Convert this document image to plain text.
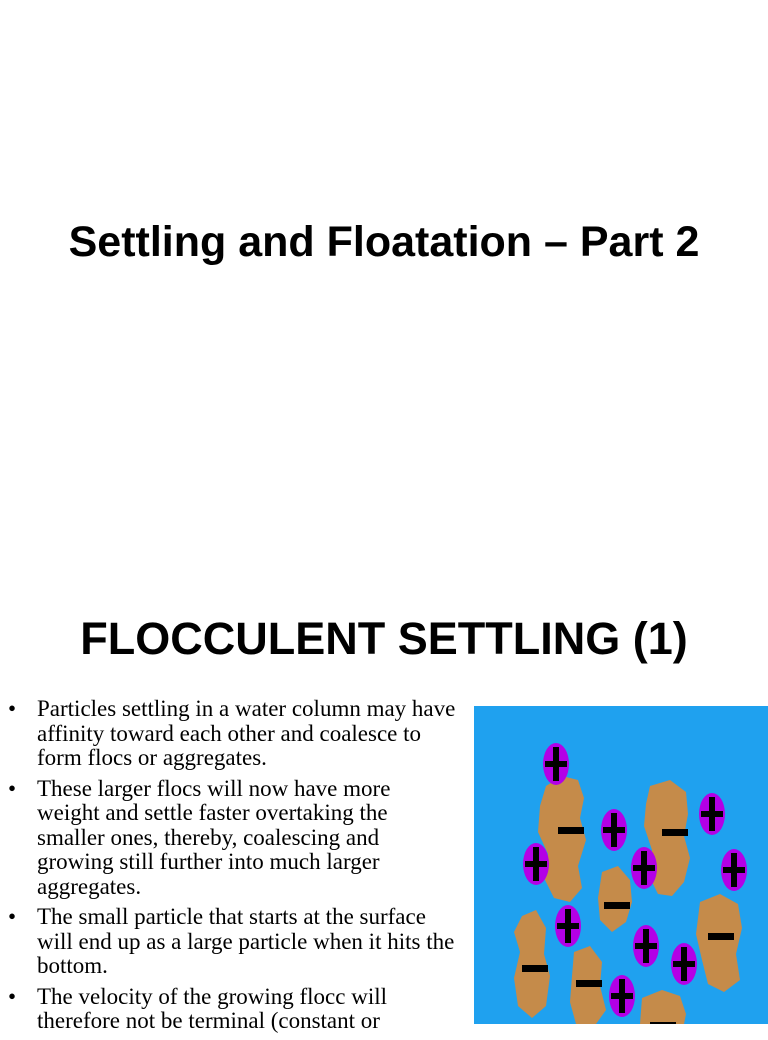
Settling and Floatation – Part 2
FLOCCULENT SETTLING (1)
• Particles settling in a water column may have affinity toward each other and coalesce to form flocs or aggregates.
• These larger flocs will now have more weight and settle faster overtaking the smaller ones, thereby, coalescing and growing still further into much larger aggregates.
• The small particle that starts at the surface will end up as a large particle when it hits the bottom.
• The velocity of the growing flocc will therefore not be terminal (constant or
